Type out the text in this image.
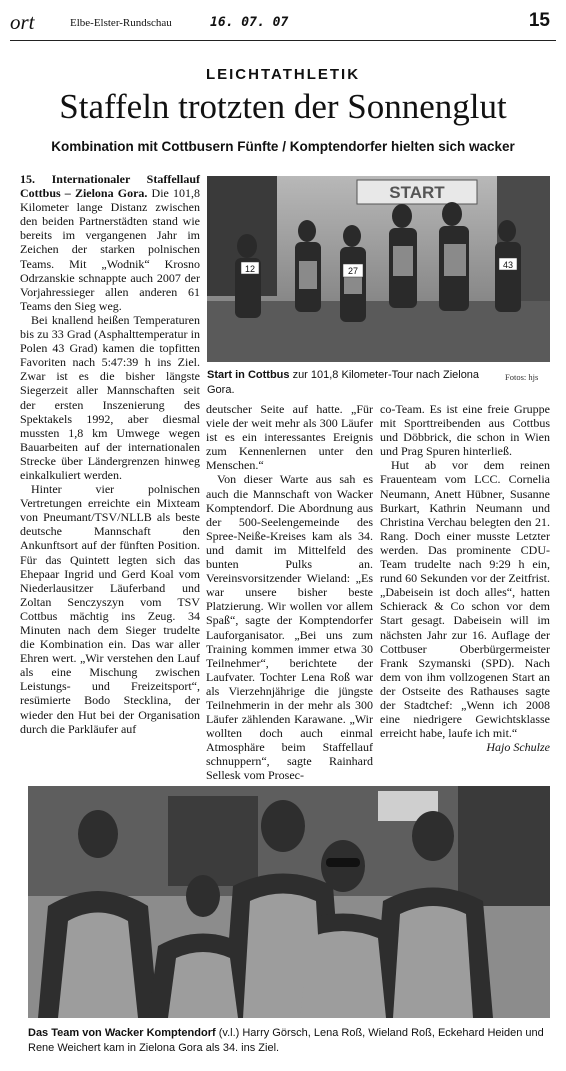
ort	Elbe-Elster-Rundschau	16. 07. 07	15
LEICHTATHLETIK
Staffeln trotzten der Sonnenglut
Kombination mit Cottbusern Fünfte / Komptendorfer hielten sich wacker

15. Internationaler Staffellauf Cottbus – Zielona Gora. Die 101,8 Kilometer lange Distanz zwischen den beiden Partnerstädten stand wie bereits im vergangenen Jahr im Zeichen der starken polnischen Teams. Mit „Wodnik“ Krosno Odrzanskie schnappte auch 2007 der Vorjahressieger allen anderen 61 Teams den Sieg weg.

Bei knallend heißen Temperaturen bis zu 33 Grad (Asphalttemperatur in Polen 43 Grad) kamen die topfitten Favoriten nach 5:47:39 h ins Ziel. Zwar ist es die bisher längste Siegerzeit aller Mannschaften seit der ersten Inszenierung des Spektakels 1992, aber diesmal mussten 1,8 km Umwege wegen Bauarbeiten auf der internationalen Strecke über Ländergrenzen hinweg einkalkuliert werden.

Hinter vier polnischen Vertretungen erreichte ein Mixteam von Pneumant/TSV/NLLB als beste deutsche Mannschaft den Ankunftsort auf der fünften Position. Für das Quintett legten sich das Ehepaar Ingrid und Gerd Koal vom Niederlausitzer Läuferband und Zoltan Senczyszyn vom TSV Cottbus mächtig ins Zeug. 34 Minuten nach dem Sieger trudelte die Kombination ein. Das war aller Ehren wert. „Wir verstehen den Lauf als eine Mischung zwischen Leistungs- und Freizeitsport“, resümierte Bodo Stecklina, der wieder den Hut bei der Organisation durch die Parkläufer auf

START
12	27
43
Start in Cottbus zur 101,8 Kilometer-Tour nach Zielona Gora.
Fotos: hjs

deutscher Seite auf hatte. „Für viele der weit mehr als 300 Läufer ist es ein interessantes Ereignis zum Kennenlernen unter den Menschen.“

Von dieser Warte aus sah es auch die Mannschaft von Wacker Komptendorf. Die Abordnung aus der 500-Seelengemeinde des Spree-Neiße-Kreises kam als 34. und damit im Mittelfeld des bunten Pulks an. Vereinsvorsitzender Wieland: „Es war unsere bisher beste Platzierung. Wir wollen vor allem Spaß“, sagte der Komptendorfer Lauforganisator. „Bei uns zum Training kommen immer etwa 30 Teilnehmer“, berichtete der Laufvater. Tochter Lena Roß war als Vierzehnjährige die jüngste Teilnehmerin in der mehr als 300 Läufer zählenden Karawane. „Wir wollten doch auch einmal Atmosphäre beim Staffellauf schnuppern“, sagte Rainhard Sellesk vom Prosec-

co-Team. Es ist eine freie Gruppe mit Sporttreibenden aus Cottbus und Döbbrick, die schon in Wien und Prag Spuren hinterließ.

Hut ab vor dem reinen Frauenteam vom LCC. Cornelia Neumann, Anett Hübner, Susanne Burkart, Kathrin Neumann und Christina Verchau belegten den 21. Rang. Doch einer musste Letzter werden. Das prominente CDU-Team trudelte nach 9:29 h ein, rund 60 Sekunden vor der Zeitfrist. „Dabeisein ist doch alles“, hatten Schierack & Co schon vor dem Start gesagt. Dabeisein will im nächsten Jahr zur 16. Auflage der Cottbuser Oberbürgermeister Frank Szymanski (SPD). Nach dem von ihm vollzogenen Start an der Ostseite des Rathauses sagte der Stadtchef: „Wenn ich 2008 eine niedrigere Gewichtsklasse erreicht habe, laufe ich mit.“

Hajo Schulze
Das Team von Wacker Komptendorf (v.l.) Harry Görsch, Lena Roß, Wieland Roß, Eckehard Heiden und Rene Weichert kam in Zielona Gora als 34. ins Ziel.
